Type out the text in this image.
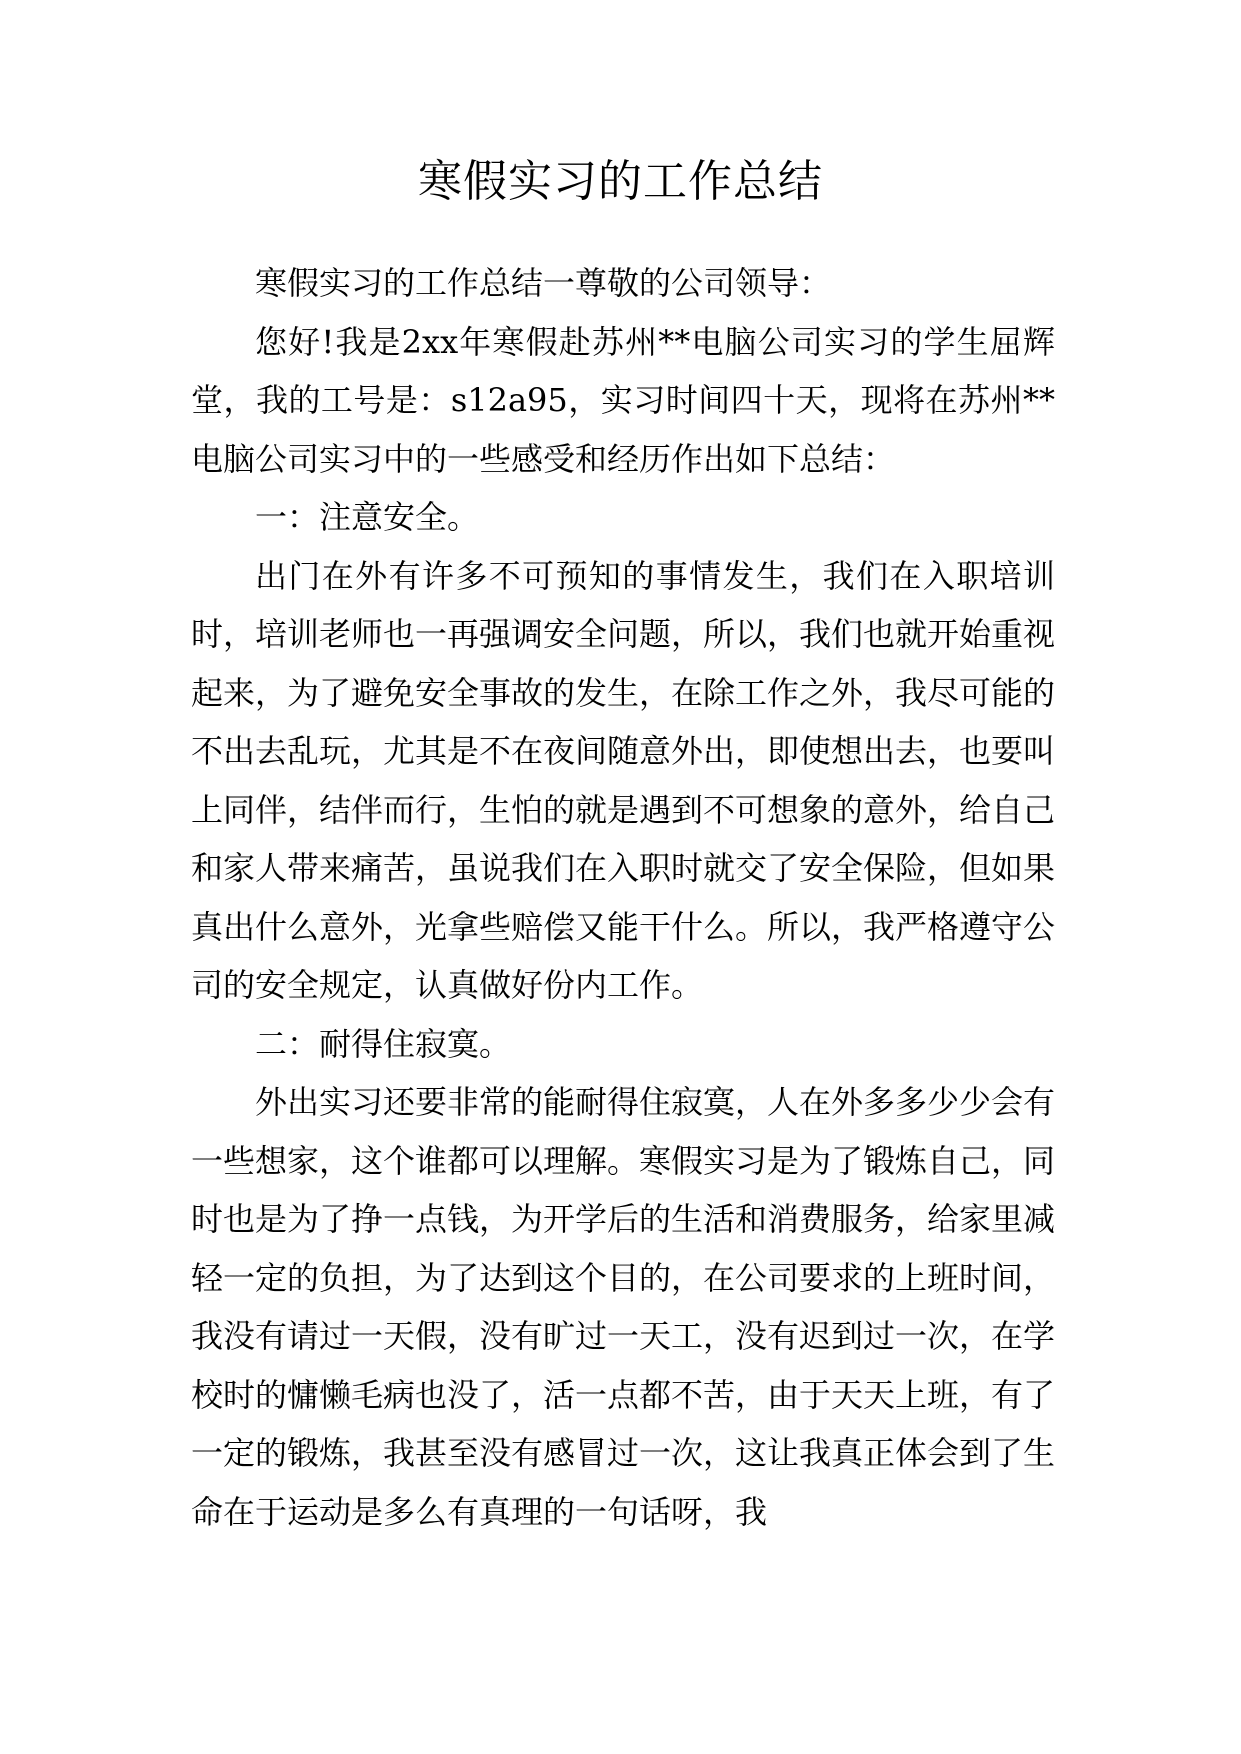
寒假实习的工作总结

寒假实习的工作总结一尊敬的公司领导：

您好!我是2xx年寒假赴苏州**电脑公司实习的学生屈辉堂，我的工号是：s12a95，实习时间四十天，现将在苏州**电脑公司实习中的一些感受和经历作出如下总结：

一：注意安全。

出门在外有许多不可预知的事情发生，我们在入职培训时，培训老师也一再强调安全问题，所以，我们也就开始重视起来，为了避免安全事故的发生，在除工作之外，我尽可能的不出去乱玩，尤其是不在夜间随意外出，即使想出去，也要叫上同伴，结伴而行，生怕的就是遇到不可想象的意外，给自己和家人带来痛苦，虽说我们在入职时就交了安全保险，但如果真出什么意外，光拿些赔偿又能干什么。所以，我严格遵守公司的安全规定，认真做好份内工作。

二：耐得住寂寞。

外出实习还要非常的能耐得住寂寞，人在外多多少少会有一些想家，这个谁都可以理解。寒假实习是为了锻炼自己，同时也是为了挣一点钱，为开学后的生活和消费服务，给家里减轻一定的负担，为了达到这个目的，在公司要求的上班时间，我没有请过一天假，没有旷过一天工，没有迟到过一次，在学校时的慵懒毛病也没了，活一点都不苦，由于天天上班，有了一定的锻炼，我甚至没有感冒过一次，这让我真正体会到了生命在于运动是多么有真理的一句话呀，我
